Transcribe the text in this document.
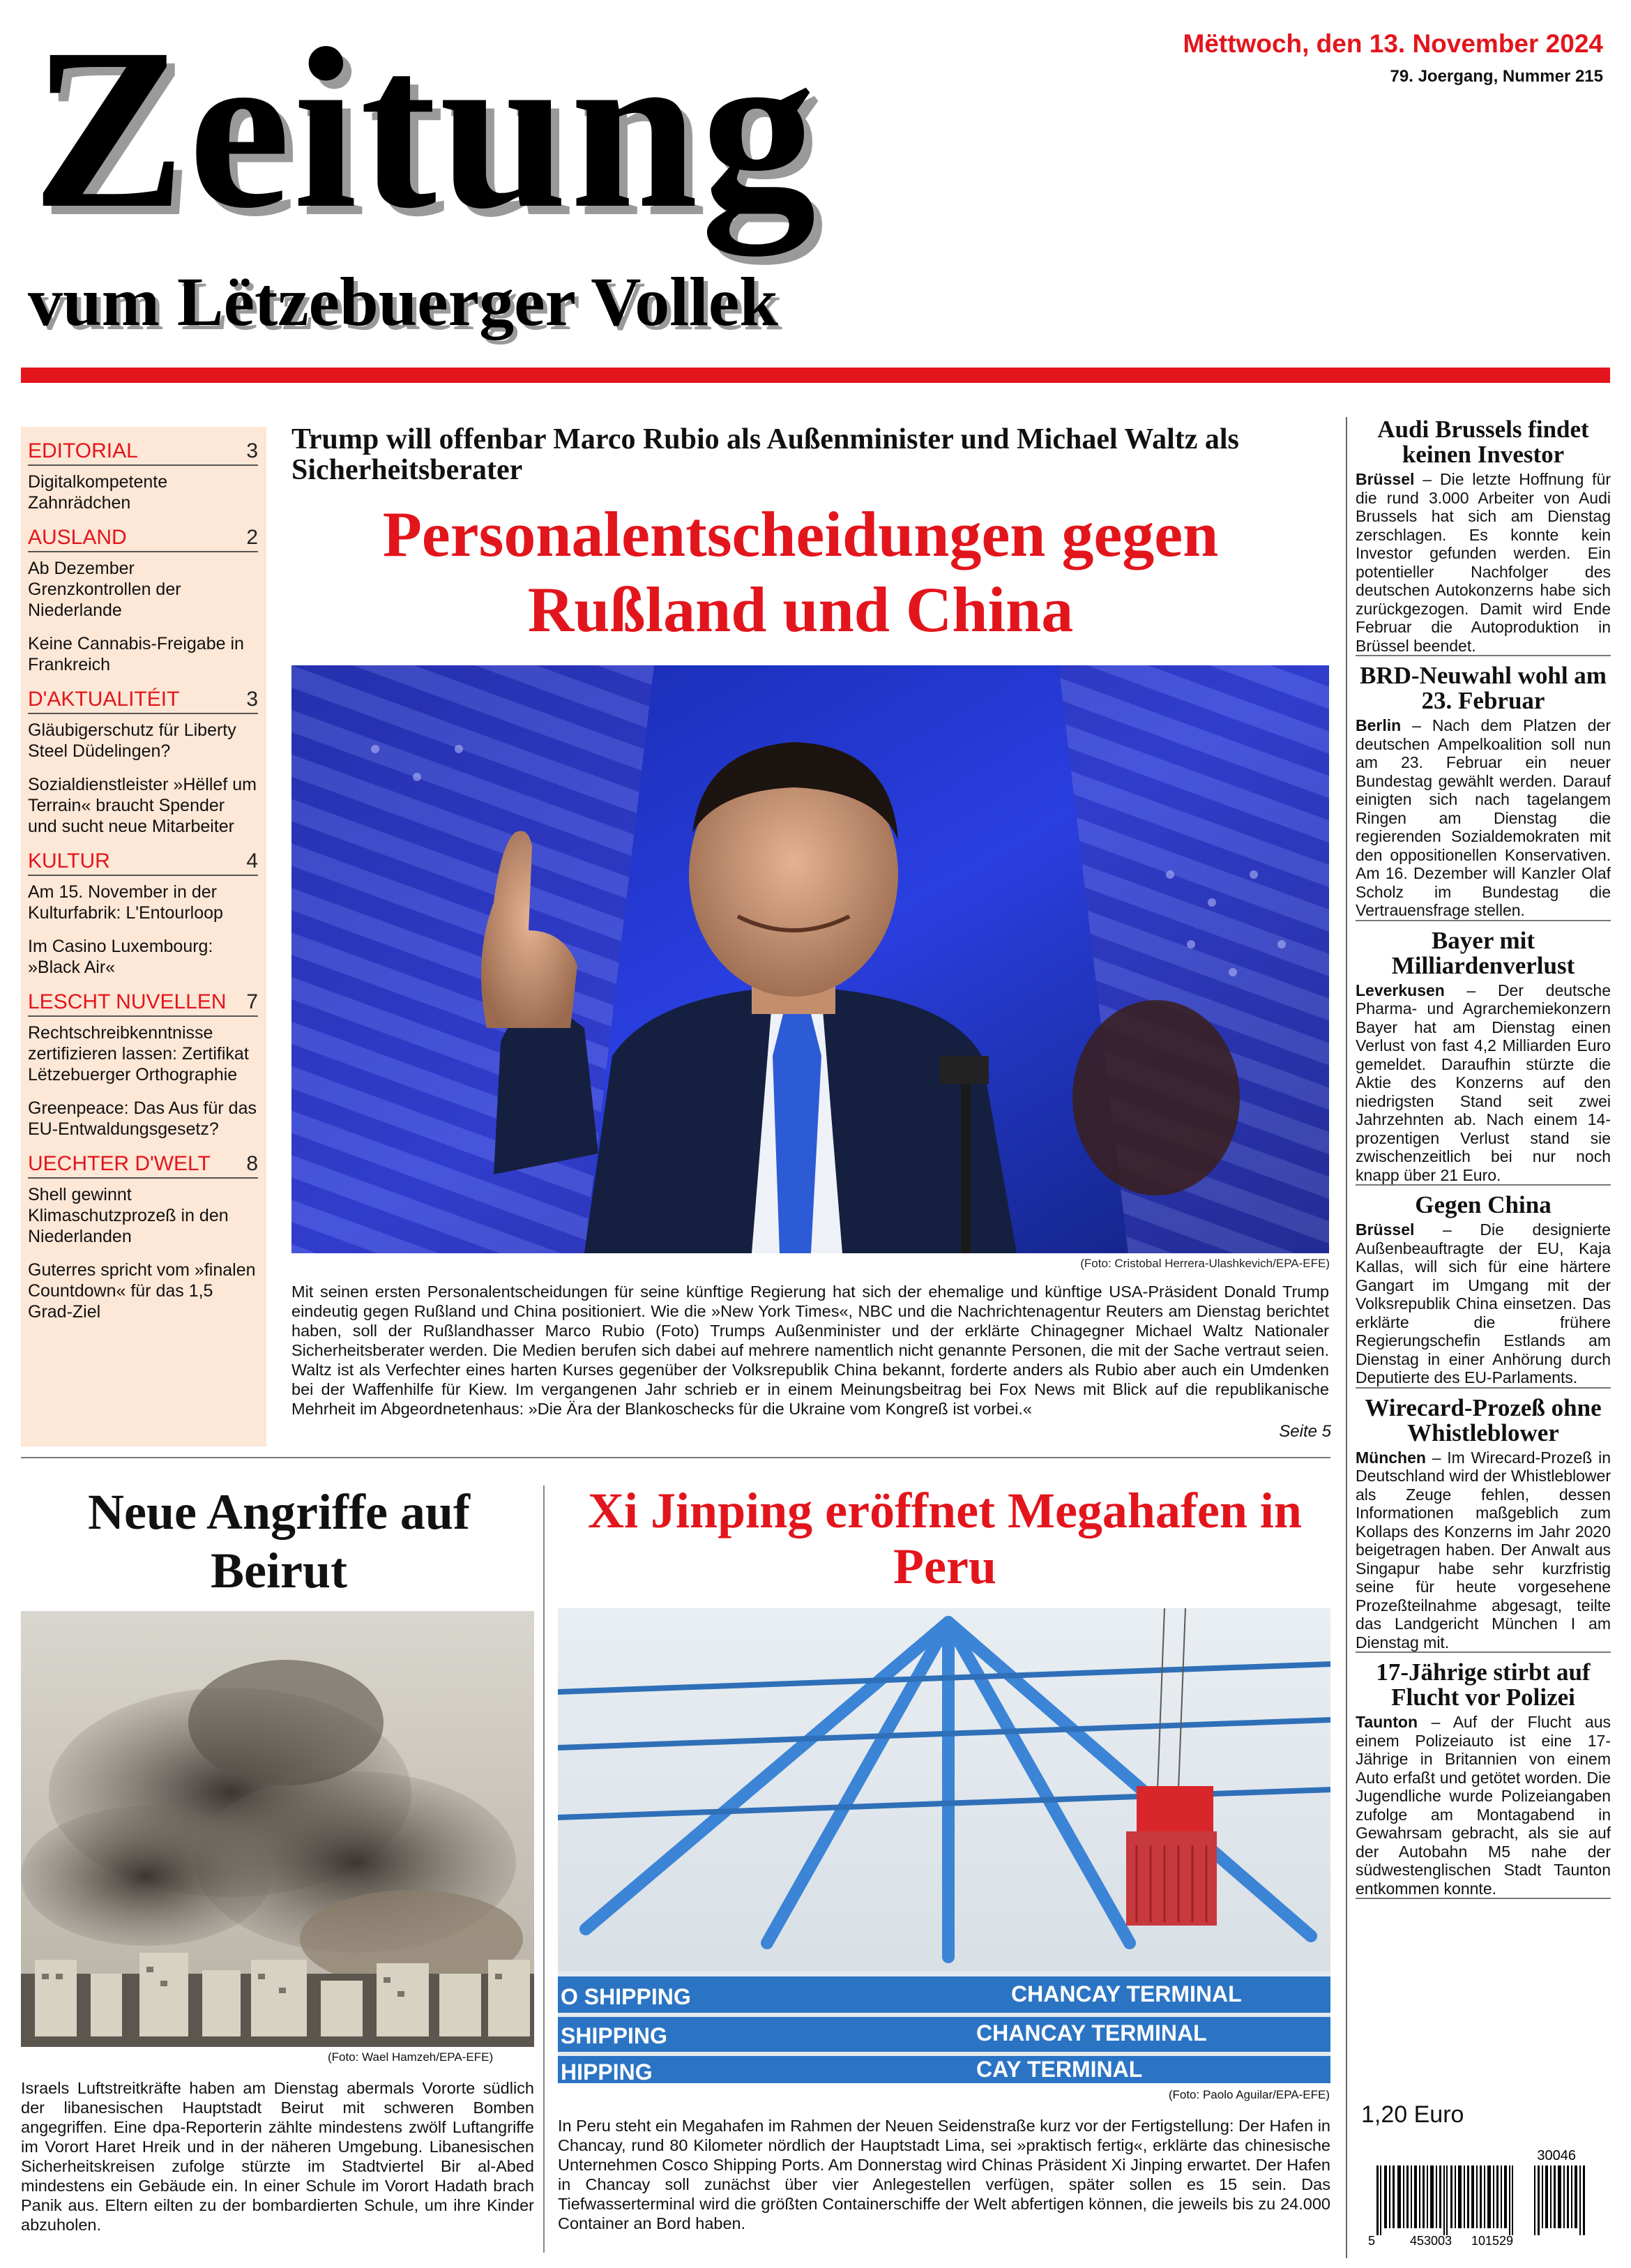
Zeitung
vum Lëtzebuerger Vollek
Mëttwoch, den 13. November 2024
79. Joergang, Nummer 215
EDITORIAL	3
Digitalkompetente Zahnrädchen
AUSLAND	2
Ab Dezember Grenzkontrollen der Niederlande
Keine Cannabis-Freigabe in Frankreich
D'AKTUALITÉIT	3
Gläubigerschutz für Liberty Steel Düdelingen?
Sozialdienstleister »Hëllef um Terrain« braucht Spender und sucht neue Mitarbeiter
KULTUR	4
Am 15. November in der Kulturfabrik: L'Entourloop
Im Casino Luxembourg: »Black Air«
LESCHT NUVELLEN 7
Rechtschreibkenntnisse zertifizieren lassen: Zertifikat Lëtzebuerger Orthographie
Greenpeace: Das Aus für das EU-Entwaldungsgesetz?
UECHTER D'WELT 8
Shell gewinnt Klimaschutzprozeß in den Niederlanden
Guterres spricht vom »finalen Countdown« für das 1,5 Grad-Ziel
Trump will offenbar Marco Rubio als Außenminister und Michael Waltz als Sicherheitsberater
Personalentscheidungen gegen Rußland und China
(Foto: Cristobal Herrera-Ulashkevich/EPA-EFE)
Mit seinen ersten Personalentscheidungen für seine künftige Regierung hat sich der ehemalige und künftige USA-Präsident Donald Trump eindeutig gegen Rußland und China positioniert. Wie die »New York Times«, NBC und die Nachrichtenagentur Reuters am Dienstag berichtet haben, soll der Rußlandhasser Marco Rubio (Foto) Trumps Außenminister und der erklärte Chinagegner Michael Waltz Nationaler Sicherheitsberater werden. Die Medien berufen sich dabei auf mehrere namentlich nicht genannte Personen, die mit der Sache vertraut seien. Waltz ist als Verfechter eines harten Kurses gegenüber der Volksrepublik China bekannt, forderte anders als Rubio aber auch ein Umdenken bei der Waffenhilfe für Kiew. Im vergangenen Jahr schrieb er in einem Meinungsbeitrag bei Fox News mit Blick auf die republikanische Mehrheit im Abgeordnetenhaus: »Die Ära der Blankoschecks für die Ukraine vom Kongreß ist vorbei.«
Seite 5
Audi Brussels findet keinen Investor

Brüssel – Die letzte Hoffnung für die rund 3.000 Arbeiter von Audi Brussels hat sich am Dienstag zerschlagen. Es konnte kein Investor gefunden werden. Ein potentieller Nachfolger des deutschen Autokonzerns habe sich zurückgezogen. Damit wird Ende Februar die Autoproduktion in Brüssel beendet.

BRD-Neuwahl wohl am 23. Februar

Berlin – Nach dem Platzen der deutschen Ampelkoalition soll nun am 23. Februar ein neuer Bundestag gewählt werden. Darauf einigten sich nach tagelangem Ringen am Dienstag die regierenden Sozialdemokraten mit den oppositionellen Konservativen. Am 16. Dezember will Kanzler Olaf Scholz im Bundestag die Vertrauensfrage stellen.

Bayer mit Milliardenverlust

Leverkusen – Der deutsche Pharma- und Agrarchemiekonzern Bayer hat am Dienstag einen Verlust von fast 4,2 Milliarden Euro gemeldet. Daraufhin stürzte die Aktie des Konzerns auf den niedrigsten Stand seit zwei Jahrzehnten ab. Nach einem 14-prozentigen Verlust stand sie zwischenzeitlich bei nur noch knapp über 21 Euro.

Gegen China

Brüssel – Die designierte Außenbeauftragte der EU, Kaja Kallas, will sich für eine härtere Gangart im Umgang mit der Volksrepublik China einsetzen. Das erklärte die frühere Regierungschefin Estlands am Dienstag in einer Anhörung durch Deputierte des EU-Parlaments.

Wirecard-Prozeß ohne Whistleblower

München – Im Wirecard-Prozeß in Deutschland wird der Whistleblower als Zeuge fehlen, dessen Informationen maßgeblich zum Kollaps des Konzerns im Jahr 2020 beigetragen haben. Der Anwalt aus Singapur habe sehr kurzfristig seine für heute vorgesehene Prozeßteilnahme abgesagt, teilte das Landgericht München I am Dienstag mit.

17-Jährige stirbt auf Flucht vor Polizei

Taunton – Auf der Flucht aus einem Polizeiauto ist eine 17-Jährige in Britannien von einem Auto erfaßt und getötet worden. Die Jugendliche wurde Polizeiangaben zufolge am Montagabend in Gewahrsam gebracht, als sie auf der Autobahn M5 nahe der südwestenglischen Stadt Taunton entkommen konnte.

1,20 Euro
30046
5	453003 101529
Neue Angriffe auf Beirut
(Foto: Wael Hamzeh/EPA-EFE)
Israels Luftstreitkräfte haben am Dienstag abermals Vororte südlich der libanesischen Hauptstadt Beirut mit schweren Bomben angegriffen. Eine dpa-Reporterin zählte mindestens zwölf Luftangriffe im Vorort Haret Hreik und in der näheren Umgebung. Libanesischen Sicherheitskreisen zufolge stürzte im Stadtviertel Bir al-Abed mindestens ein Gebäude ein. In einer Schule im Vorort Hadath brach Panik aus. Eltern eilten zu der bombardierten Schule, um ihre Kinder abzuholen.
Xi Jinping eröffnet Megahafen in Peru
O SHIPPING
SHIPPING
HIPPING
CHANCAY TERMINAL
CHANCAY TERMINAL
CAY TERMINAL
(Foto: Paolo Aguilar/EPA-EFE)
In Peru steht ein Megahafen im Rahmen der Neuen Seidenstraße kurz vor der Fertigstellung: Der Hafen in Chancay, rund 80 Kilometer nördlich der Hauptstadt Lima, sei »praktisch fertig«, erklärte das chinesische Unternehmen Cosco Shipping Ports. Am Donnerstag wird Chinas Präsident Xi Jinping erwartet. Der Hafen in Chancay soll zunächst über vier Anlegestellen verfügen, später sollen es 15 sein. Das Tiefwasserterminal wird die größten Containerschiffe der Welt abfertigen können, die jeweils bis zu 24.000 Container an Bord haben.
